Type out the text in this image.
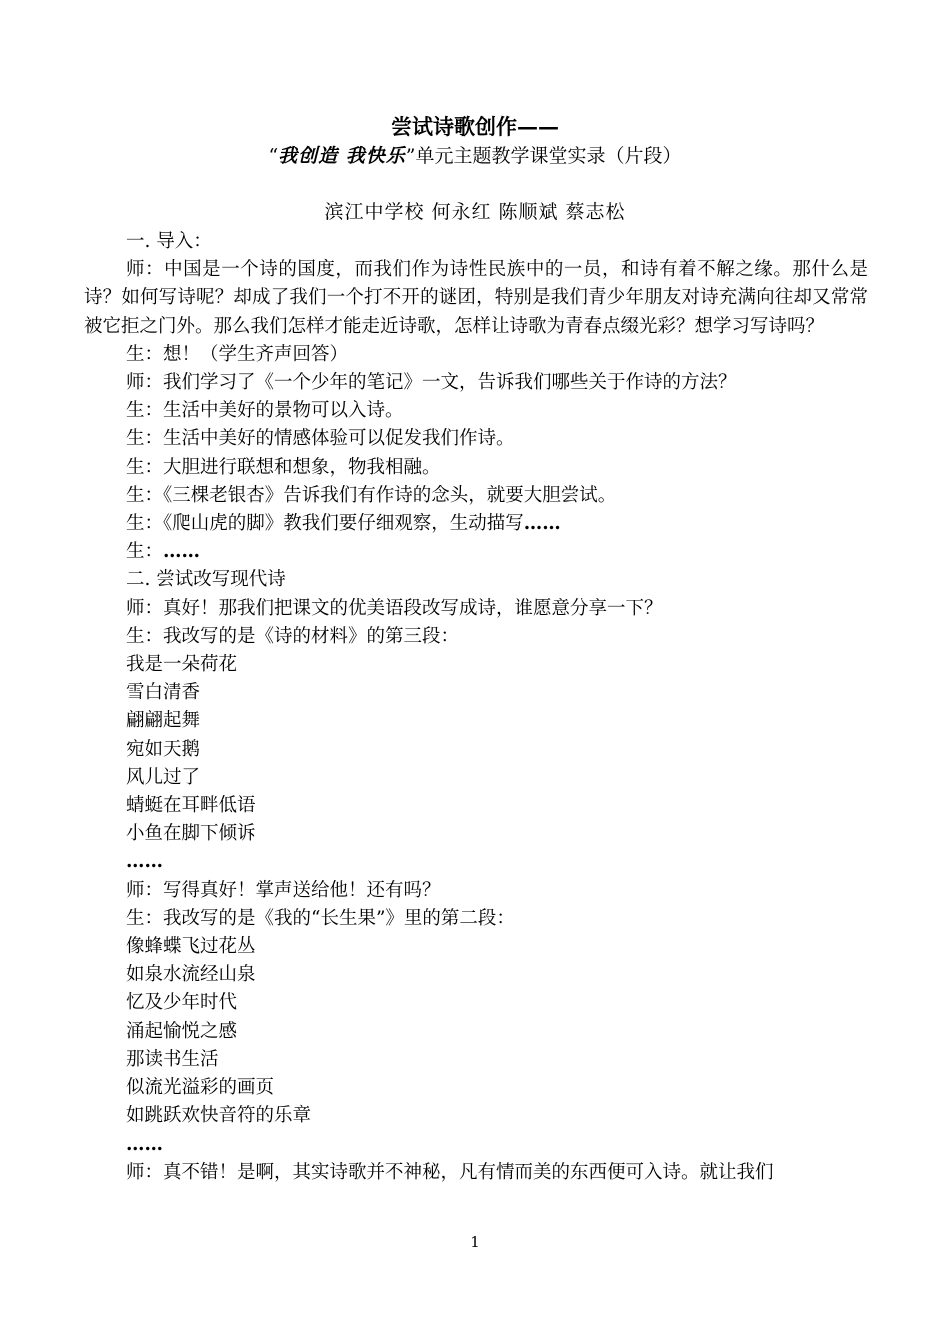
尝试诗歌创作——
“我创造 我快乐”单元主题教学课堂实录（片段）
滨江中学校 何永红 陈顺斌 蔡志松

一. 导入：

师：中国是一个诗的国度，而我们作为诗性民族中的一员，和诗有着不解之缘。那什么是诗？如何写诗呢？却成了我们一个打不开的谜团，特别是我们青少年朋友对诗充满向往却又常常被它拒之门外。那么我们怎样才能走近诗歌，怎样让诗歌为青春点缀光彩？想学习写诗吗？

生：想！（学生齐声回答）

师：我们学习了《一个少年的笔记》一文，告诉我们哪些关于作诗的方法？

生：生活中美好的景物可以入诗。

生：生活中美好的情感体验可以促发我们作诗。

生：大胆进行联想和想象，物我相融。

生：《三棵老银杏》告诉我们有作诗的念头，就要大胆尝试。

生：《爬山虎的脚》教我们要仔细观察，生动描写……

生：……

二. 尝试改写现代诗

师：真好！那我们把课文的优美语段改写成诗，谁愿意分享一下？

生：我改写的是《诗的材料》的第三段：

我是一朵荷花

雪白清香

翩翩起舞

宛如天鹅

风儿过了

蜻蜓在耳畔低语

小鱼在脚下倾诉

……

师：写得真好！掌声送给他！还有吗？

生：我改写的是《我的“长生果”》里的第二段：

像蜂蝶飞过花丛

如泉水流经山泉

忆及少年时代

涌起愉悦之感

那读书生活

似流光溢彩的画页

如跳跃欢快音符的乐章

……

师：真不错！是啊，其实诗歌并不神秘，凡有情而美的东西便可入诗。就让我们

1
